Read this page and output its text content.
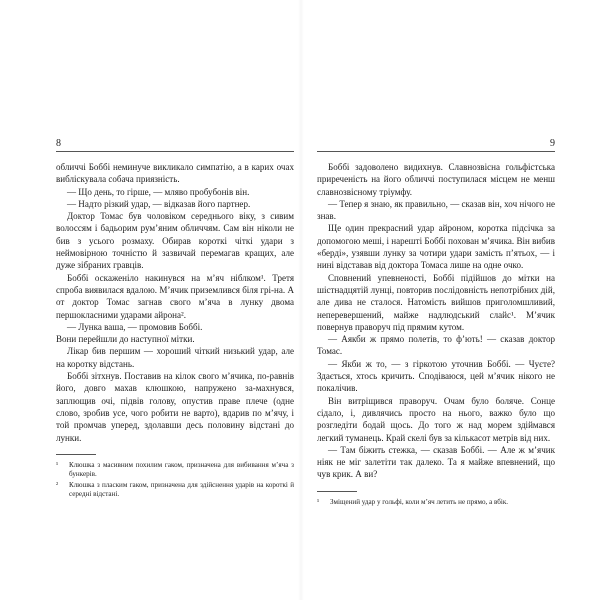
8

обличчі Боббі неминуче викликало симпатію, а в карих очах вибліскувала собача приязність.

— Що день, то гірше, — мляво пробубонів він.

— Надто різкий удар, — відказав його партнер.

Доктор Томас був чоловіком середнього віку, з сивим волоссям і бадьорим рум’яним обличчям. Сам він ніколи не бив з усього розмаху. Обирав короткі чіткі удари з неймовірною точністю й зазвичай перемагав кращих, але дуже зібраних гравців.

Боббі оскаженіло накинувся на м’яч ніблком¹. Третя спроба виявилася вдалою. М’ячик приземлився біля грі-на. А от доктор Томас загнав свого м’яча в лунку двома першокласними ударами айрона².

— Лунка ваша, — промовив Боббі.

Вони перейшли до наступної мітки.

Лікар бив першим — хороший чіткий низький удар, але на коротку відстань.

Боббі зітхнув. Поставив на кілок свого м’ячика, по-равнів його, довго махав клюшкою, напружено за-махнувся, заплющив очі, підвів голову, опустив праве плече (одне слово, зробив усе, чого робити не варто), вдарив по м’ячу, і той промчав уперед, здолавши десь половину відстані до лунки.

¹ Клюшка з масивним похилим гаком, призначена для вибивання м’яча з бункерів.
² Клюшка з пласким гаком, призначена для здійснення ударів на короткі й середні відстані.
9

Боббі задоволено видихнув. Славнозвісна гольфістська приреченість на його обличчі поступилася місцем не менш славнозвісному тріумфу.

— Тепер я знаю, як правильно, — сказав він, хоч нічого не знав.

Ще один прекрасний удар айроном, коротка підсічка за допомогою меші, і нарешті Боббі похован м’ячика. Він вибив «берді», узявши лунку за чотири удари замість п’ятьох, — і нині відставав від доктора Томаса лише на одне очко.

Сповнений упевненості, Боббі підійшов до мітки на шістнадцятій лунці, повторив послідовність непотрібних дій, але дива не сталося. Натомість вийшов приголомшливий, неперевершений, майже надлюдський слайс¹. М’ячик повернув праворуч під прямим кутом.

— Аякби ж прямо полетів, то ф’ють! — сказав доктор Томас.

— Якби ж то, — з гіркотою уточнив Боббі. — Чуєте? Здається, хтось кричить. Сподіваюся, цей м’ячик нікого не покалічив.

Він витріщився праворуч. Очам було боляче. Сонце сідало, і, дивлячись просто на нього, важко було що розгледіти бодай щось. До того ж над морем здіймався легкий туманець. Край скелі був за кількасот метрів від них.

— Там біжить стежка, — сказав Боббі. — Але ж м’ячик ніяк не міг залетіти так далеко. Та я майже впевнений, що чув крик. А ви?

¹ Зміщений удар у гольфі, коли м’яч летить не прямо, а вбік.
